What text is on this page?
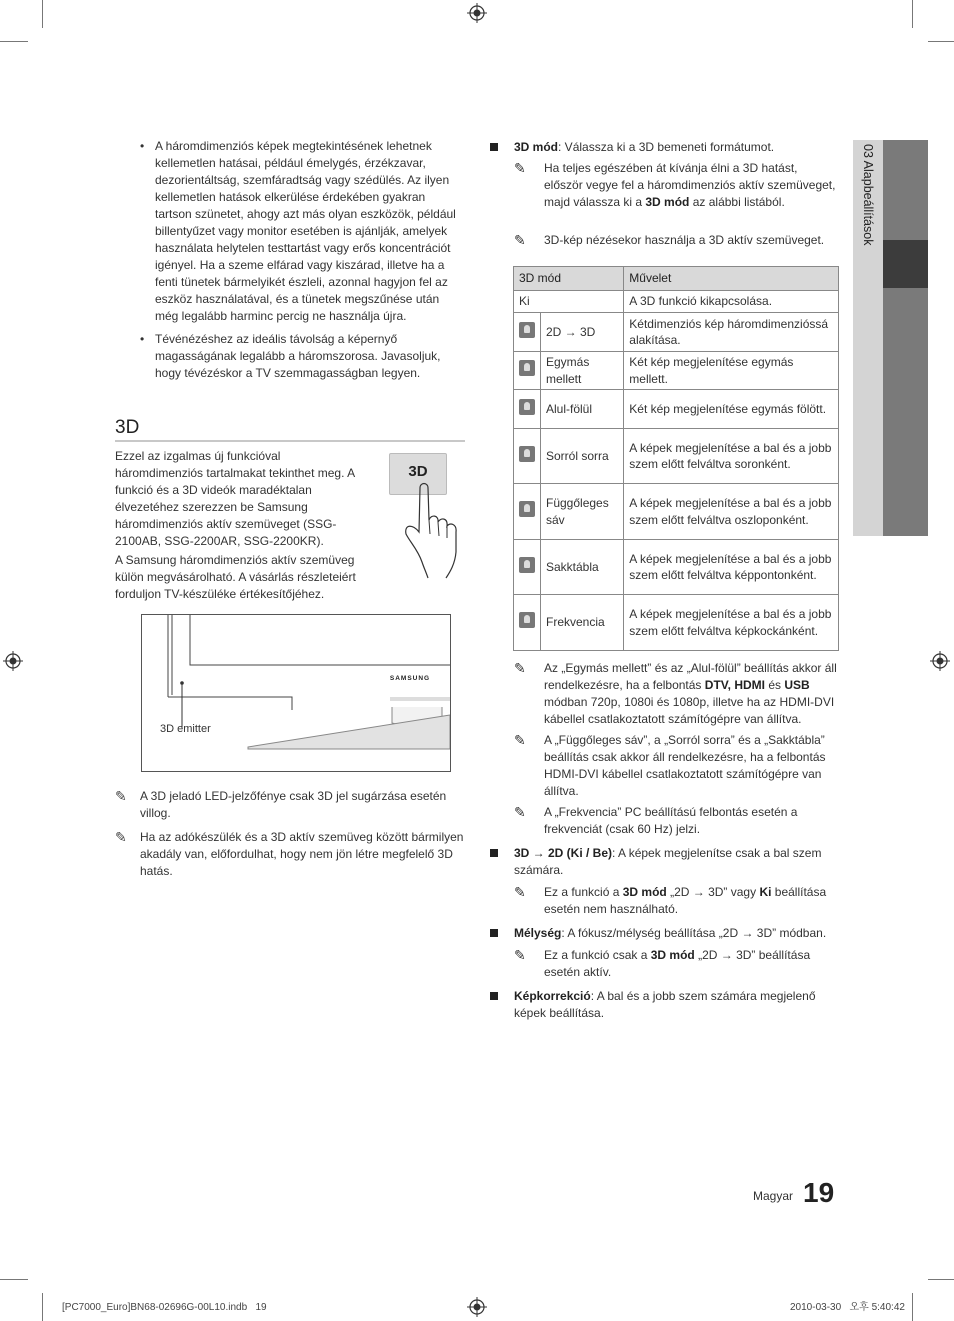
03 Alapbeállítások
• A háromdimenziós képek megtekintésének lehetnek kellemetlen hatásai, például émelygés, érzékzavar, dezorientáltság, szemfáradtság vagy szédülés. Az ilyen kellemetlen hatások elkerülése érdekében gyakran tartson szünetet, ahogy azt más olyan eszközök, például billentyűzet vagy monitor esetében is ajánlják, amelyek használata helytelen testtartást vagy erős koncentrációt igényel. Ha a szeme elfárad vagy kiszárad, illetve ha a fenti tünetek bármelyikét észleli, azonnal hagyjon fel az eszköz használatával, és a tünetek megszűnése után még legalább harminc percig ne használja újra.
• Tévénézéshez az ideális távolság a képernyő magasságának legalább a háromszorosa. Javasoljuk, hogy tévézéskor a TV szemmagasságban legyen.
3D

Ezzel az izgalmas új funkcióval háromdimenziós tartalmakat tekinthet meg. A funkció és a 3D videók maradéktalan élvezetéhez szerezzen be Samsung háromdimenziós aktív szemüveget (SSG-2100AB, SSG-2200AR, SSG-2200KR).

A Samsung háromdimenziós aktív szemüveg külön megvásárolható. A vásárlás részleteiért forduljon TV-készüléke értékesítőjéhez.

3D
SAMSUNG
3D emitter
✎ A 3D jeladó LED-jelzőfénye csak 3D jel sugárzása esetén villog.
✎ Ha az adókészülék és a 3D aktív szemüveg között bármilyen akadály van, előfordulhat, hogy nem jön létre megfelelő 3D hatás.
3D mód: Válassza ki a 3D bemeneti formátumot.
✎ Ha teljes egészében át kívánja élni a 3D hatást, először vegye fel a háromdimenziós aktív szemüveget, majd válassza ki a 3D mód az alábbi listából.
✎ 3D-kép nézésekor használja a 3D aktív szemüveget.
3D mód		Művelet
Ki		A 3D funkció kikapcsolása.
	2D → 3D	Kétdimenziós kép háromdimenzióssá alakítása.
	Egymás mellett	Két kép megjelenítése egymás mellett.
	Alul-fölül	Két kép megjelenítése egymás fölött.
	Sorról sorra	A képek megjelenítése a bal és a jobb szem előtt felváltva soronként.
	Függőleges sáv	A képek megjelenítése a bal és a jobb szem előtt felváltva oszloponként.
	Sakktábla	A képek megjelenítése a bal és a jobb szem előtt felváltva képpontonként.
	Frekvencia	A képek megjelenítése a bal és a jobb szem előtt felváltva képkockánként.
✎ Az „Egymás mellett” és az „Alul-fölül” beállítás akkor áll rendelkezésre, ha a felbontás DTV, HDMI és USB módban 720p, 1080i és 1080p, illetve ha az HDMI-DVI kábellel csatlakoztatott számítógépre van állítva.
✎ A „Függőleges sáv”, a „Sorról sorra” és a „Sakktábla” beállítás csak akkor áll rendelkezésre, ha a felbontás HDMI-DVI kábellel csatlakoztatott számítógépre van állítva.
✎ A „Frekvencia” PC beállítású felbontás esetén a frekvenciát (csak 60 Hz) jelzi.
3D → 2D (Ki / Be): A képek megjelenítse csak a bal szem számára.
✎ Ez a funkció a 3D mód „2D → 3D” vagy Ki beállítása esetén nem használható.
Mélység: A fókusz/mélység beállítása „2D → 3D” módban.
✎ Ez a funkció csak a 3D mód „2D → 3D” beállítása esetén aktív.
Képkorrekció: A bal és a jobb szem számára megjelenő képek beállítása.
Magyar 19
[PC7000_Euro]BN68-02696G-00L10.indb   19	2010-03-30   오후 5:40:42
